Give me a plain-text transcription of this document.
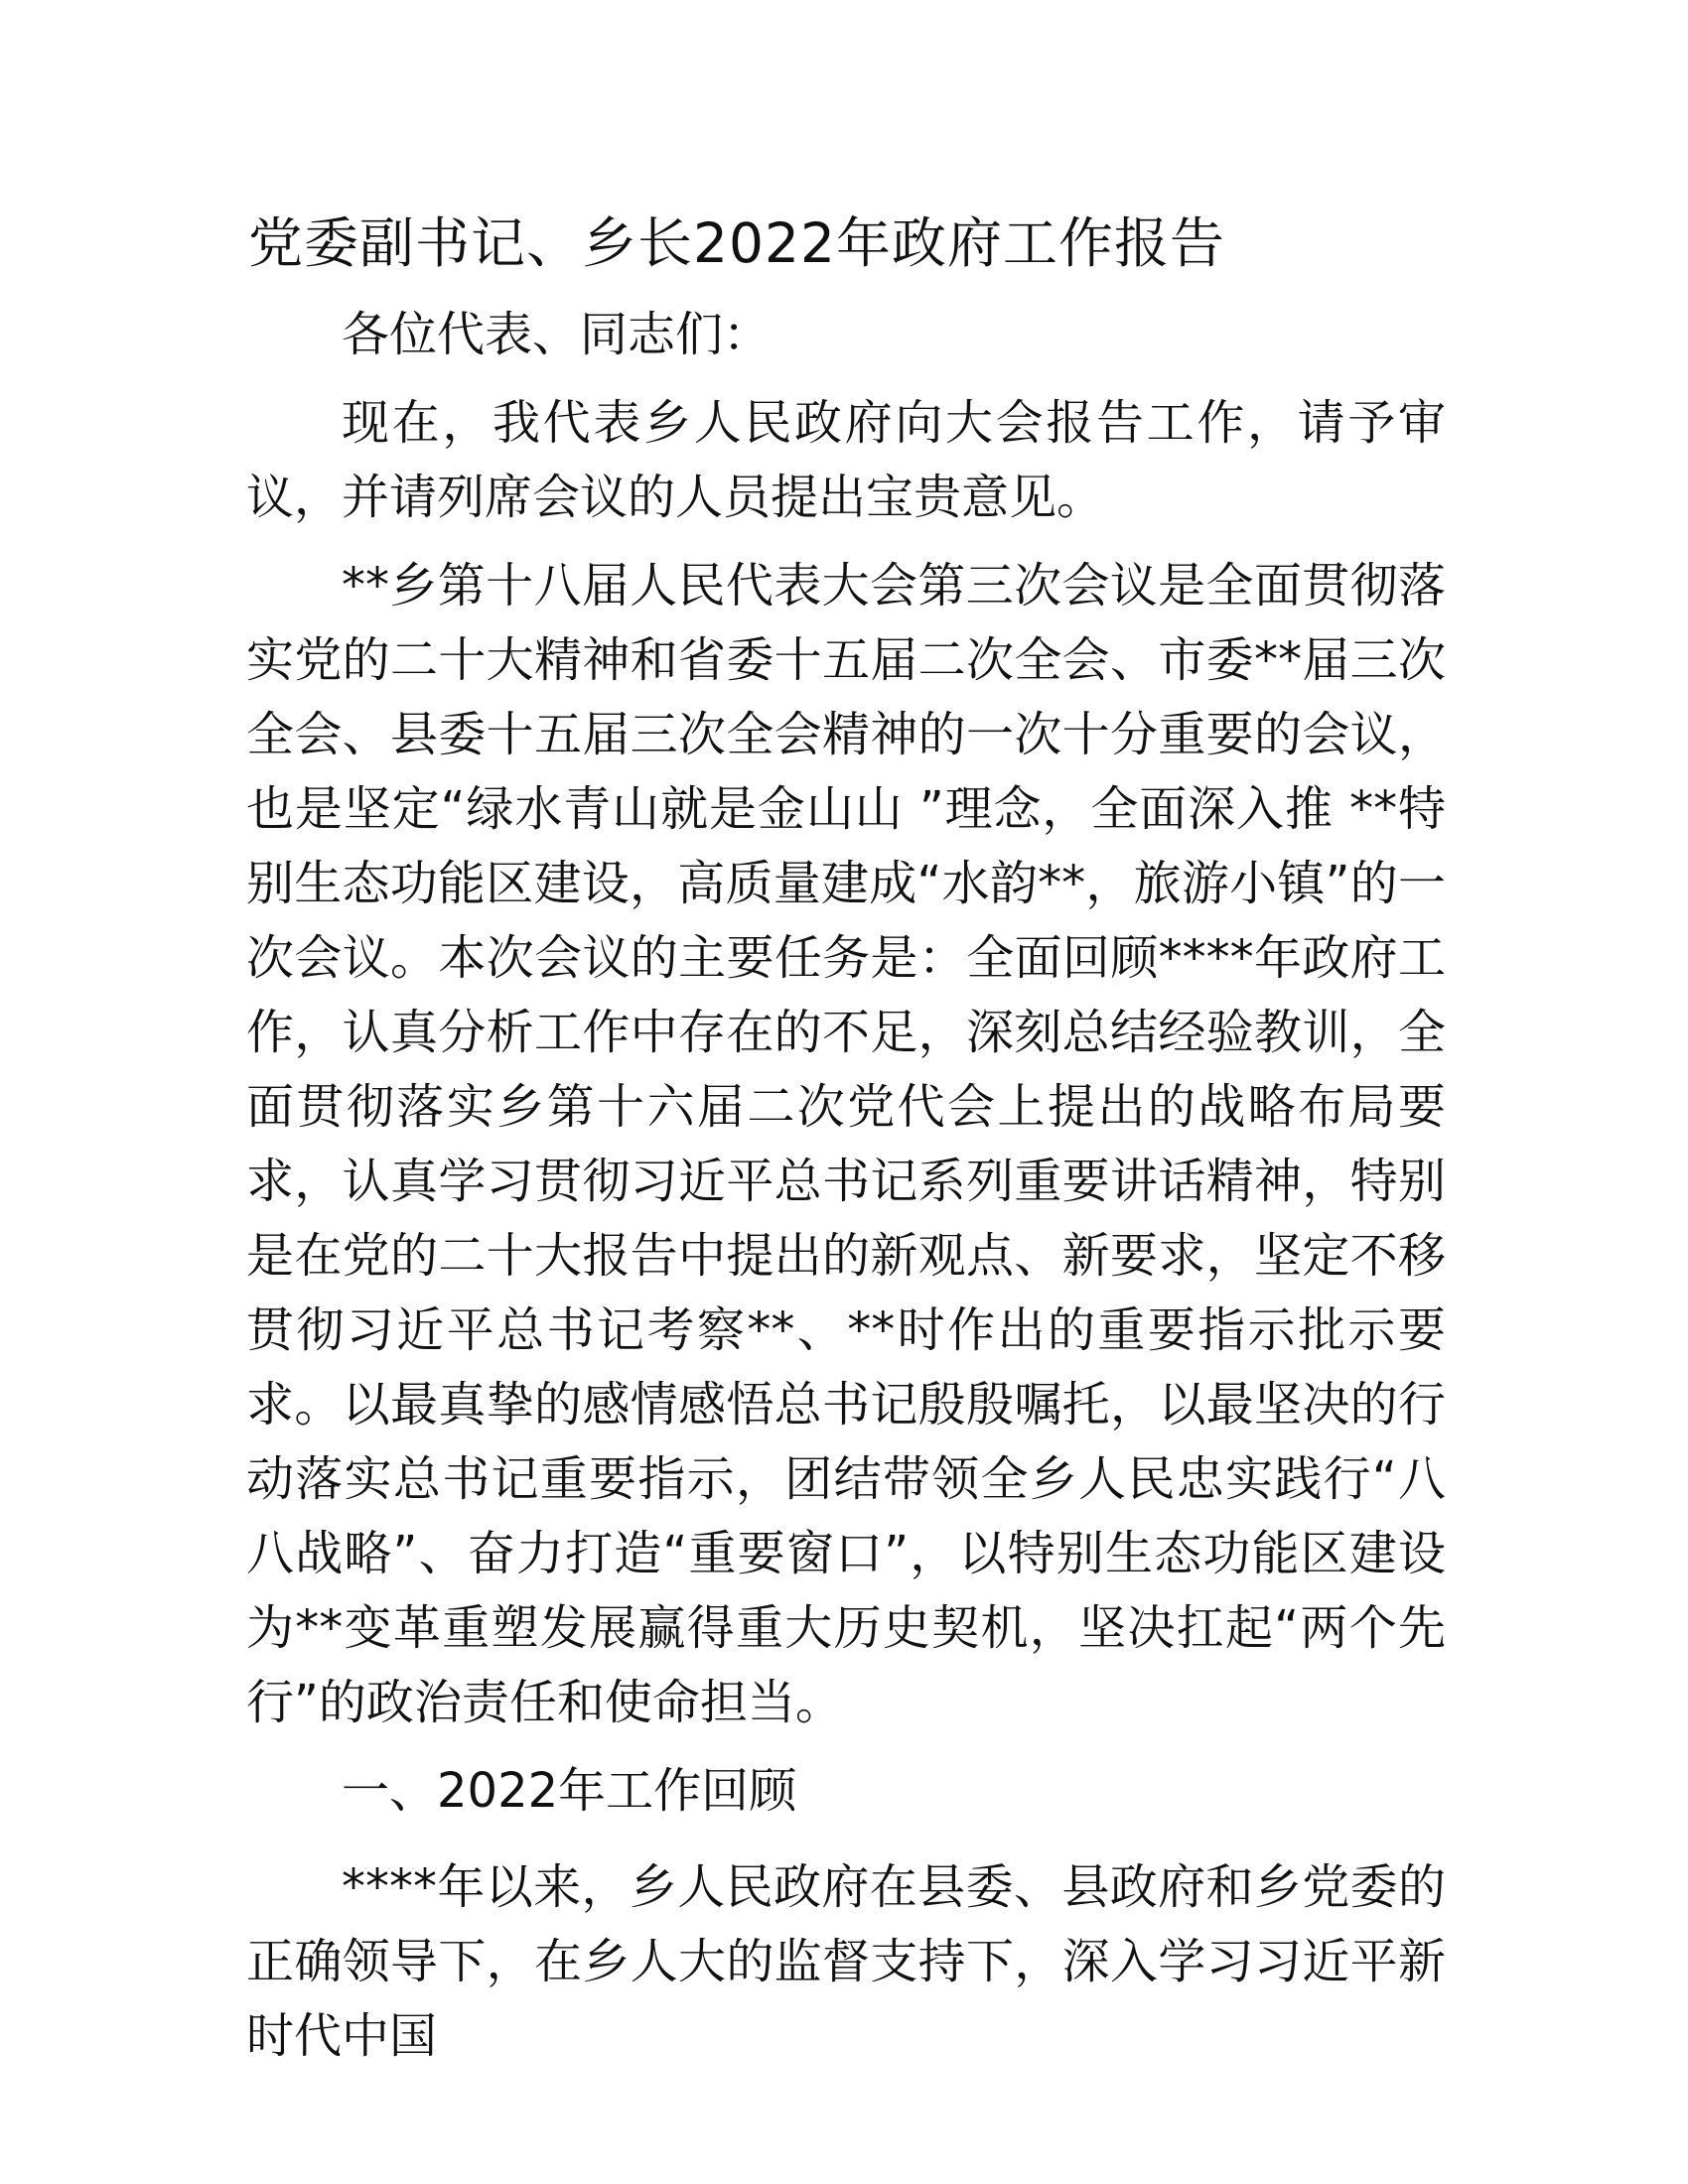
党委副书记、乡长2022年政府工作报告

各位代表、同志们：

现在，我代表乡人民政府向大会报告工作，请予审议，并请列席会议的人员提出宝贵意见。

**乡第十八届人民代表大会第三次会议是全面贯彻落实党的二十大精神和省委十五届二次全会、市委**届三次全会、县委十五届三次全会精神的一次十分重要的会议，也是坚定“绿水青山就是金山山 ”理念，全面深入推 **特别生态功能区建设，高质量建成“水韵**，旅游小镇”的一次会议。本次会议的主要任务是：全面回顾****年政府工作，认真分析工作中存在的不足，深刻总结经验教训，全面贯彻落实乡第十六届二次党代会上提出的战略布局要求，认真学习贯彻习近平总书记系列重要讲话精神，特别是在党的二十大报告中提出的新观点、新要求，坚定不移贯彻习近平总书记考察**、**时作出的重要指示批示要求。以最真挚的感情感悟总书记殷殷嘱托，以最坚决的行动落实总书记重要指示，团结带领全乡人民忠实践行“八八战略”、奋力打造“重要窗口”，以特别生态功能区建设为**变革重塑发展赢得重大历史契机，坚决扛起“两个先行”的政治责任和使命担当。

一、2022年工作回顾

****年以来，乡人民政府在县委、县政府和乡党委的正确领导下，在乡人大的监督支持下，深入学习习近平新时代中国
